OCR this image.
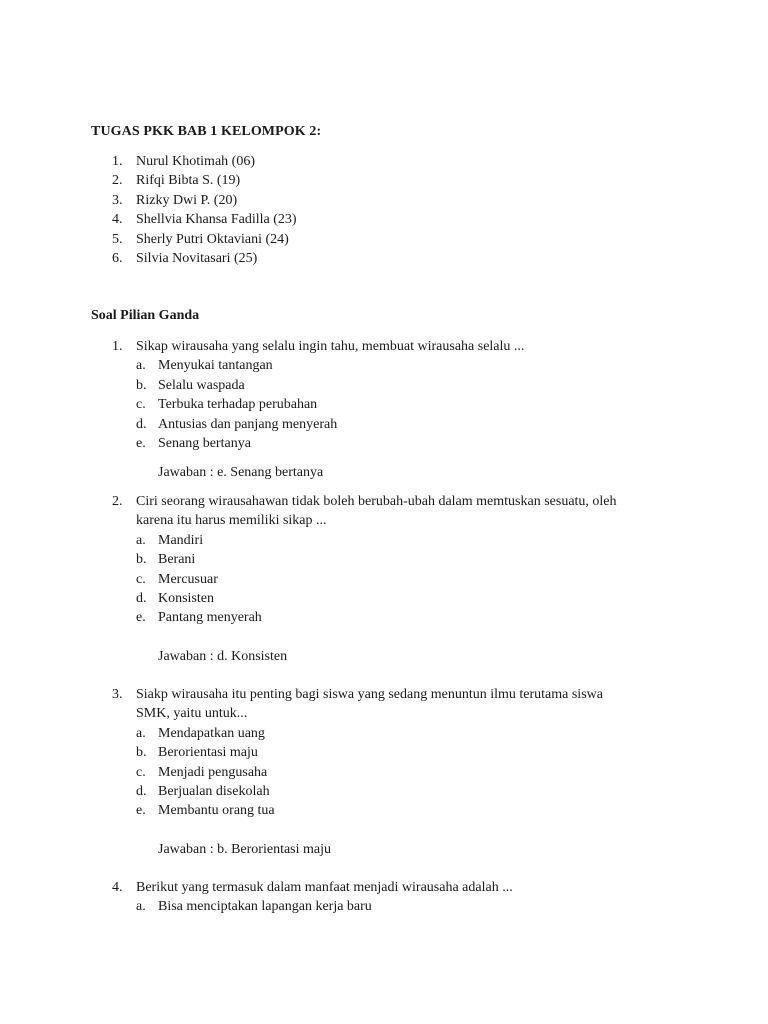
TUGAS PKK BAB 1 KELOMPOK 2:
1. Nurul Khotimah (06)
2. Rifqi Bibta S. (19)
3. Rizky Dwi P. (20)
4. Shellvia Khansa Fadilla (23)
5. Sherly Putri Oktaviani (24)
6. Silvia Novitasari (25)
Soal Pilian Ganda
1. Sikap wirausaha yang selalu ingin tahu, membuat wirausaha selalu ...
a. Menyukai tantangan
b. Selalu waspada
c. Terbuka terhadap perubahan
d. Antusias dan panjang menyerah
e. Senang bertanya
Jawaban : e. Senang bertanya
2. Ciri seorang wirausahawan tidak boleh berubah-ubah dalam memtuskan sesuatu, oleh
karena itu harus memiliki sikap ...
a. Mandiri
b. Berani
c. Mercusuar
d. Konsisten
e. Pantang menyerah
Jawaban : d. Konsisten
3. Siakp wirausaha itu penting bagi siswa yang sedang menuntun ilmu terutama siswa
SMK, yaitu untuk...
a. Mendapatkan uang
b. Berorientasi maju
c. Menjadi pengusaha
d. Berjualan disekolah
e. Membantu orang tua
Jawaban : b. Berorientasi maju
4. Berikut yang termasuk dalam manfaat menjadi wirausaha adalah ...
a. Bisa menciptakan lapangan kerja baru
